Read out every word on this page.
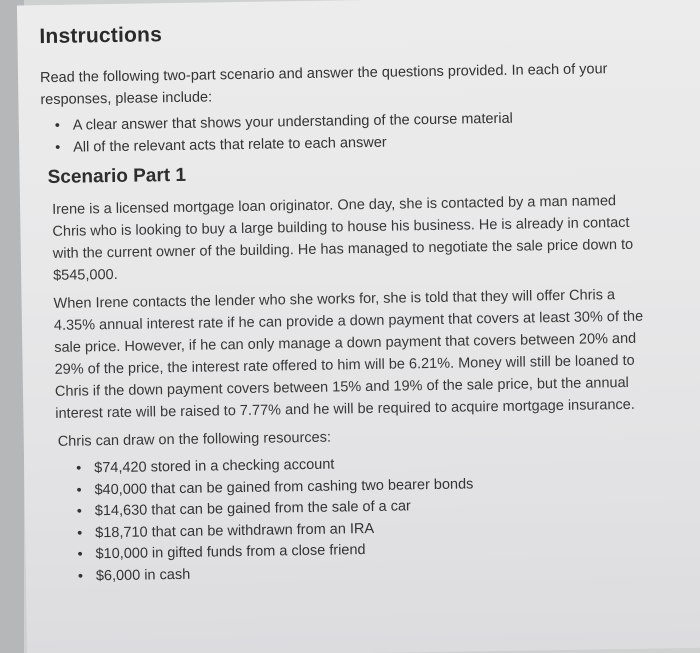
Instructions

Read the following two-part scenario and answer the questions provided. In each of your responses, please include:

• A clear answer that shows your understanding of the course material
• All of the relevant acts that relate to each answer
Scenario Part 1

Irene is a licensed mortgage loan originator. One day, she is contacted by a man named Chris who is looking to buy a large building to house his business. He is already in contact with the current owner of the building. He has managed to negotiate the sale price down to $545,000.

When Irene contacts the lender who she works for, she is told that they will offer Chris a 4.35% annual interest rate if he can provide a down payment that covers at least 30% of the sale price. However, if he can only manage a down payment that covers between 20% and 29% of the price, the interest rate offered to him will be 6.21%. Money will still be loaned to Chris if the down payment covers between 15% and 19% of the sale price, but the annual interest rate will be raised to 7.77% and he will be required to acquire mortgage insurance.

Chris can draw on the following resources:

• $74,420 stored in a checking account
• $40,000 that can be gained from cashing two bearer bonds
• $14,630 that can be gained from the sale of a car
• $18,710 that can be withdrawn from an IRA
• $10,000 in gifted funds from a close friend
• $6,000 in cash
